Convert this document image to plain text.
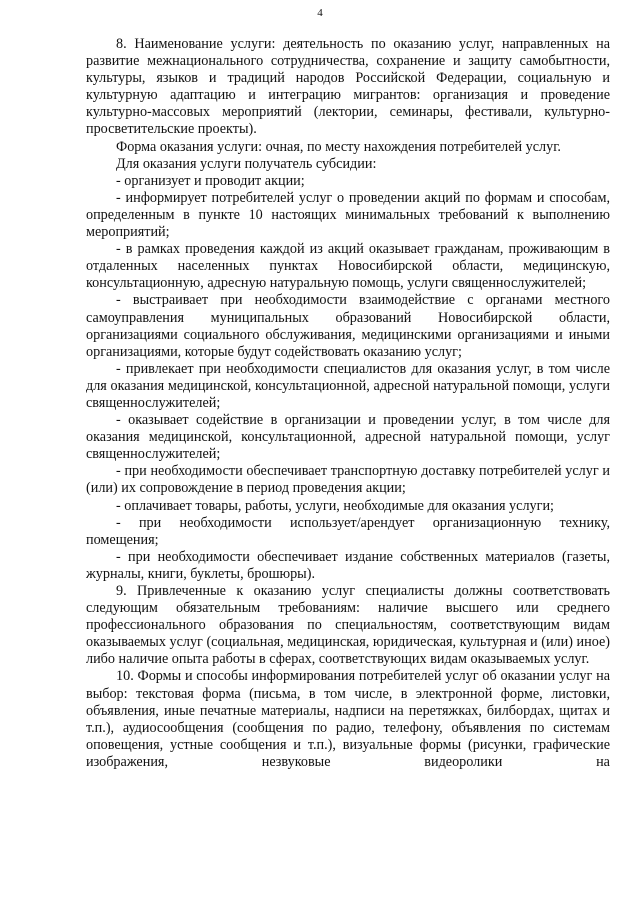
4

8. Наименование услуги: деятельность по оказанию услуг, направленных на развитие межнационального сотрудничества, сохранение и защиту самобытности, культуры, языков и традиций народов Российской Федерации, социальную и культурную адаптацию и интеграцию мигрантов: организация и проведение культурно-массовых мероприятий (лектории, семинары, фестивали, культурно-просветительские проекты).

Форма оказания услуги: очная, по месту нахождения потребителей услуг.

Для оказания услуги получатель субсидии:

- организует и проводит акции;

- информирует потребителей услуг о проведении акций по формам и способам, определенным в пункте 10 настоящих минимальных требований к выполнению мероприятий;

- в рамках проведения каждой из акций оказывает гражданам, проживающим в отдаленных населенных пунктах Новосибирской области, медицинскую, консультационную, адресную натуральную помощь, услуги священнослужителей;

- выстраивает при необходимости взаимодействие с органами местного самоуправления муниципальных образований Новосибирской области, организациями социального обслуживания, медицинскими организациями и иными организациями, которые будут содействовать оказанию услуг;

- привлекает при необходимости специалистов для оказания услуг, в том числе для оказания медицинской, консультационной, адресной натуральной помощи, услуги священнослужителей;

- оказывает содействие в организации и проведении услуг, в том числе для оказания медицинской, консультационной, адресной натуральной помощи, услуг священнослужителей;

- при необходимости обеспечивает транспортную доставку потребителей услуг и (или) их сопровождение в период проведения акции;

- оплачивает товары, работы, услуги, необходимые для оказания услуги;

- при необходимости использует/арендует организационную технику, помещения;

- при необходимости обеспечивает издание собственных материалов (газеты, журналы, книги, буклеты, брошюры).

9. Привлеченные к оказанию услуг специалисты должны соответствовать следующим обязательным требованиям: наличие высшего или среднего профессионального образования по специальностям, соответствующим видам оказываемых услуг (социальная, медицинская, юридическая, культурная и (или) иное) либо наличие опыта работы в сферах, соответствующих видам оказываемых услуг.

10. Формы и способы информирования потребителей услуг об оказании услуг на выбор: текстовая форма (письма, в том числе, в электронной форме, листовки, объявления, иные печатные материалы, надписи на перетяжках, билбордах, щитах и т.п.), аудиосообщения (сообщения по радио, телефону, объявления по системам оповещения, устные сообщения и т.п.), визуальные формы (рисунки, графические изображения, незвуковые видеоролики на
